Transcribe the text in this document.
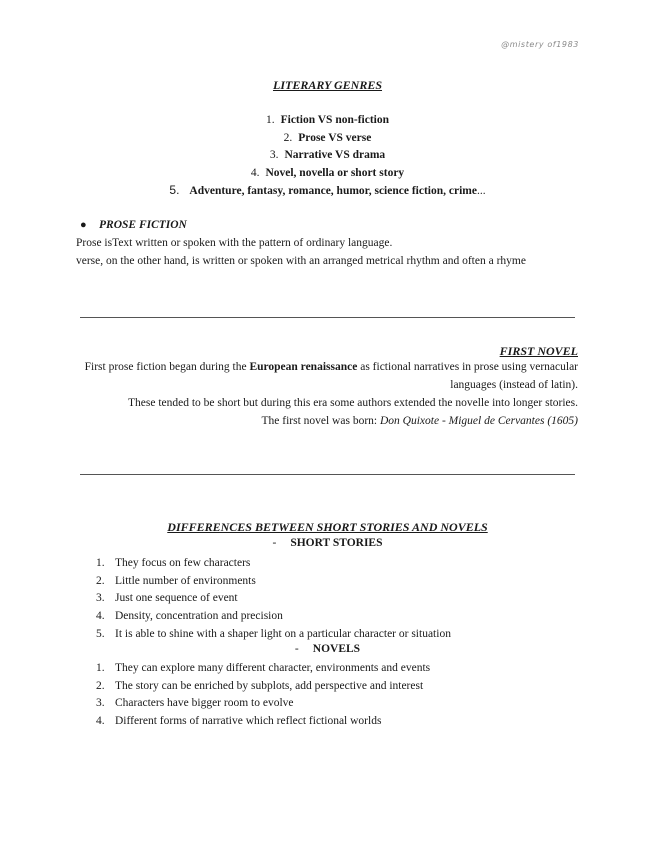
@mistery of1983
LITERARY GENRES
1. Fiction VS non-fiction
2. Prose VS verse
3. Narrative VS drama
4. Novel, novella or short story
5. Adventure, fantasy, romance, humor, science fiction, crime...
● PROSE FICTION
Prose isText written or spoken with the pattern of ordinary language.
verse, on the other hand, is written or spoken with an arranged metrical rhythm and often a rhyme
FIRST NOVEL
First prose fiction began during the European renaissance as fictional narratives in prose using vernacular
languages (instead of latin).
These tended to be short but during this era some authors extended the novelle into longer stories.
The first novel was born: Don Quixote - Miguel de Cervantes (1605)
DIFFERENCES BETWEEN SHORT STORIES AND NOVELS
- SHORT STORIES
1. They focus on few characters
2. Little number of environments
3. Just one sequence of event
4. Density, concentration and precision
5. It is able to shine with a shaper light on a particular character or situation
- NOVELS
1. They can explore many different character, environments and events
2. The story can be enriched by subplots, add perspective and interest
3. Characters have bigger room to evolve
4. Different forms of narrative which reflect fictional worlds
